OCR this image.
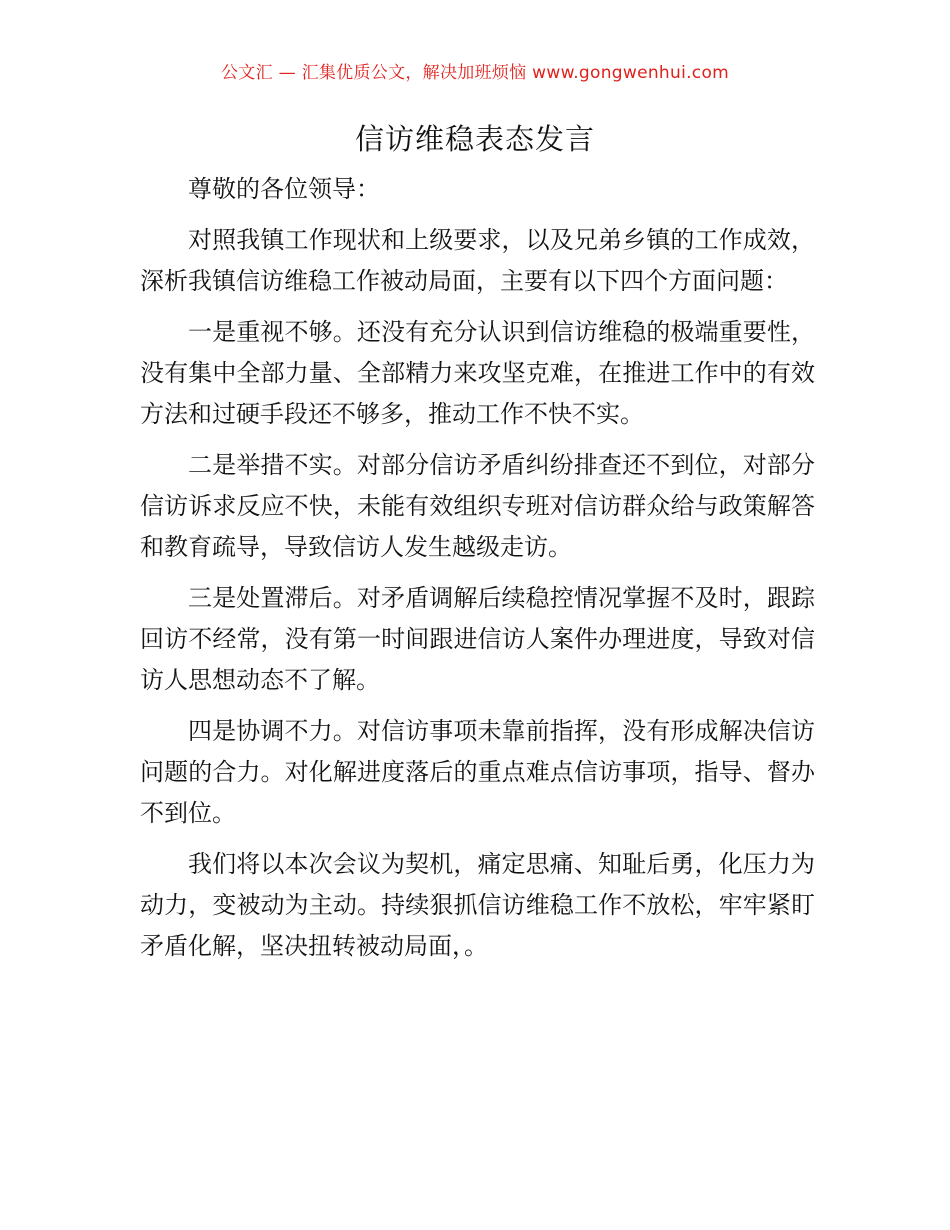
公文汇 — 汇集优质公文，解决加班烦恼 www.gongwenhui.com
信访维稳表态发言

尊敬的各位领导：

对照我镇工作现状和上级要求，以及兄弟乡镇的工作成效，深析我镇信访维稳工作被动局面，主要有以下四个方面问题：

一是重视不够。还没有充分认识到信访维稳的极端重要性，没有集中全部力量、全部精力来攻坚克难，在推进工作中的有效方法和过硬手段还不够多，推动工作不快不实。

二是举措不实。对部分信访矛盾纠纷排查还不到位，对部分信访诉求反应不快，未能有效组织专班对信访群众给与政策解答和教育疏导，导致信访人发生越级走访。

三是处置滞后。对矛盾调解后续稳控情况掌握不及时，跟踪回访不经常，没有第一时间跟进信访人案件办理进度，导致对信访人思想动态不了解。

四是协调不力。对信访事项未靠前指挥，没有形成解决信访问题的合力。对化解进度落后的重点难点信访事项，指导、督办不到位。

我们将以本次会议为契机，痛定思痛、知耻后勇，化压力为动力，变被动为主动。持续狠抓信访维稳工作不放松，牢牢紧盯矛盾化解，坚决扭转被动局面，。
